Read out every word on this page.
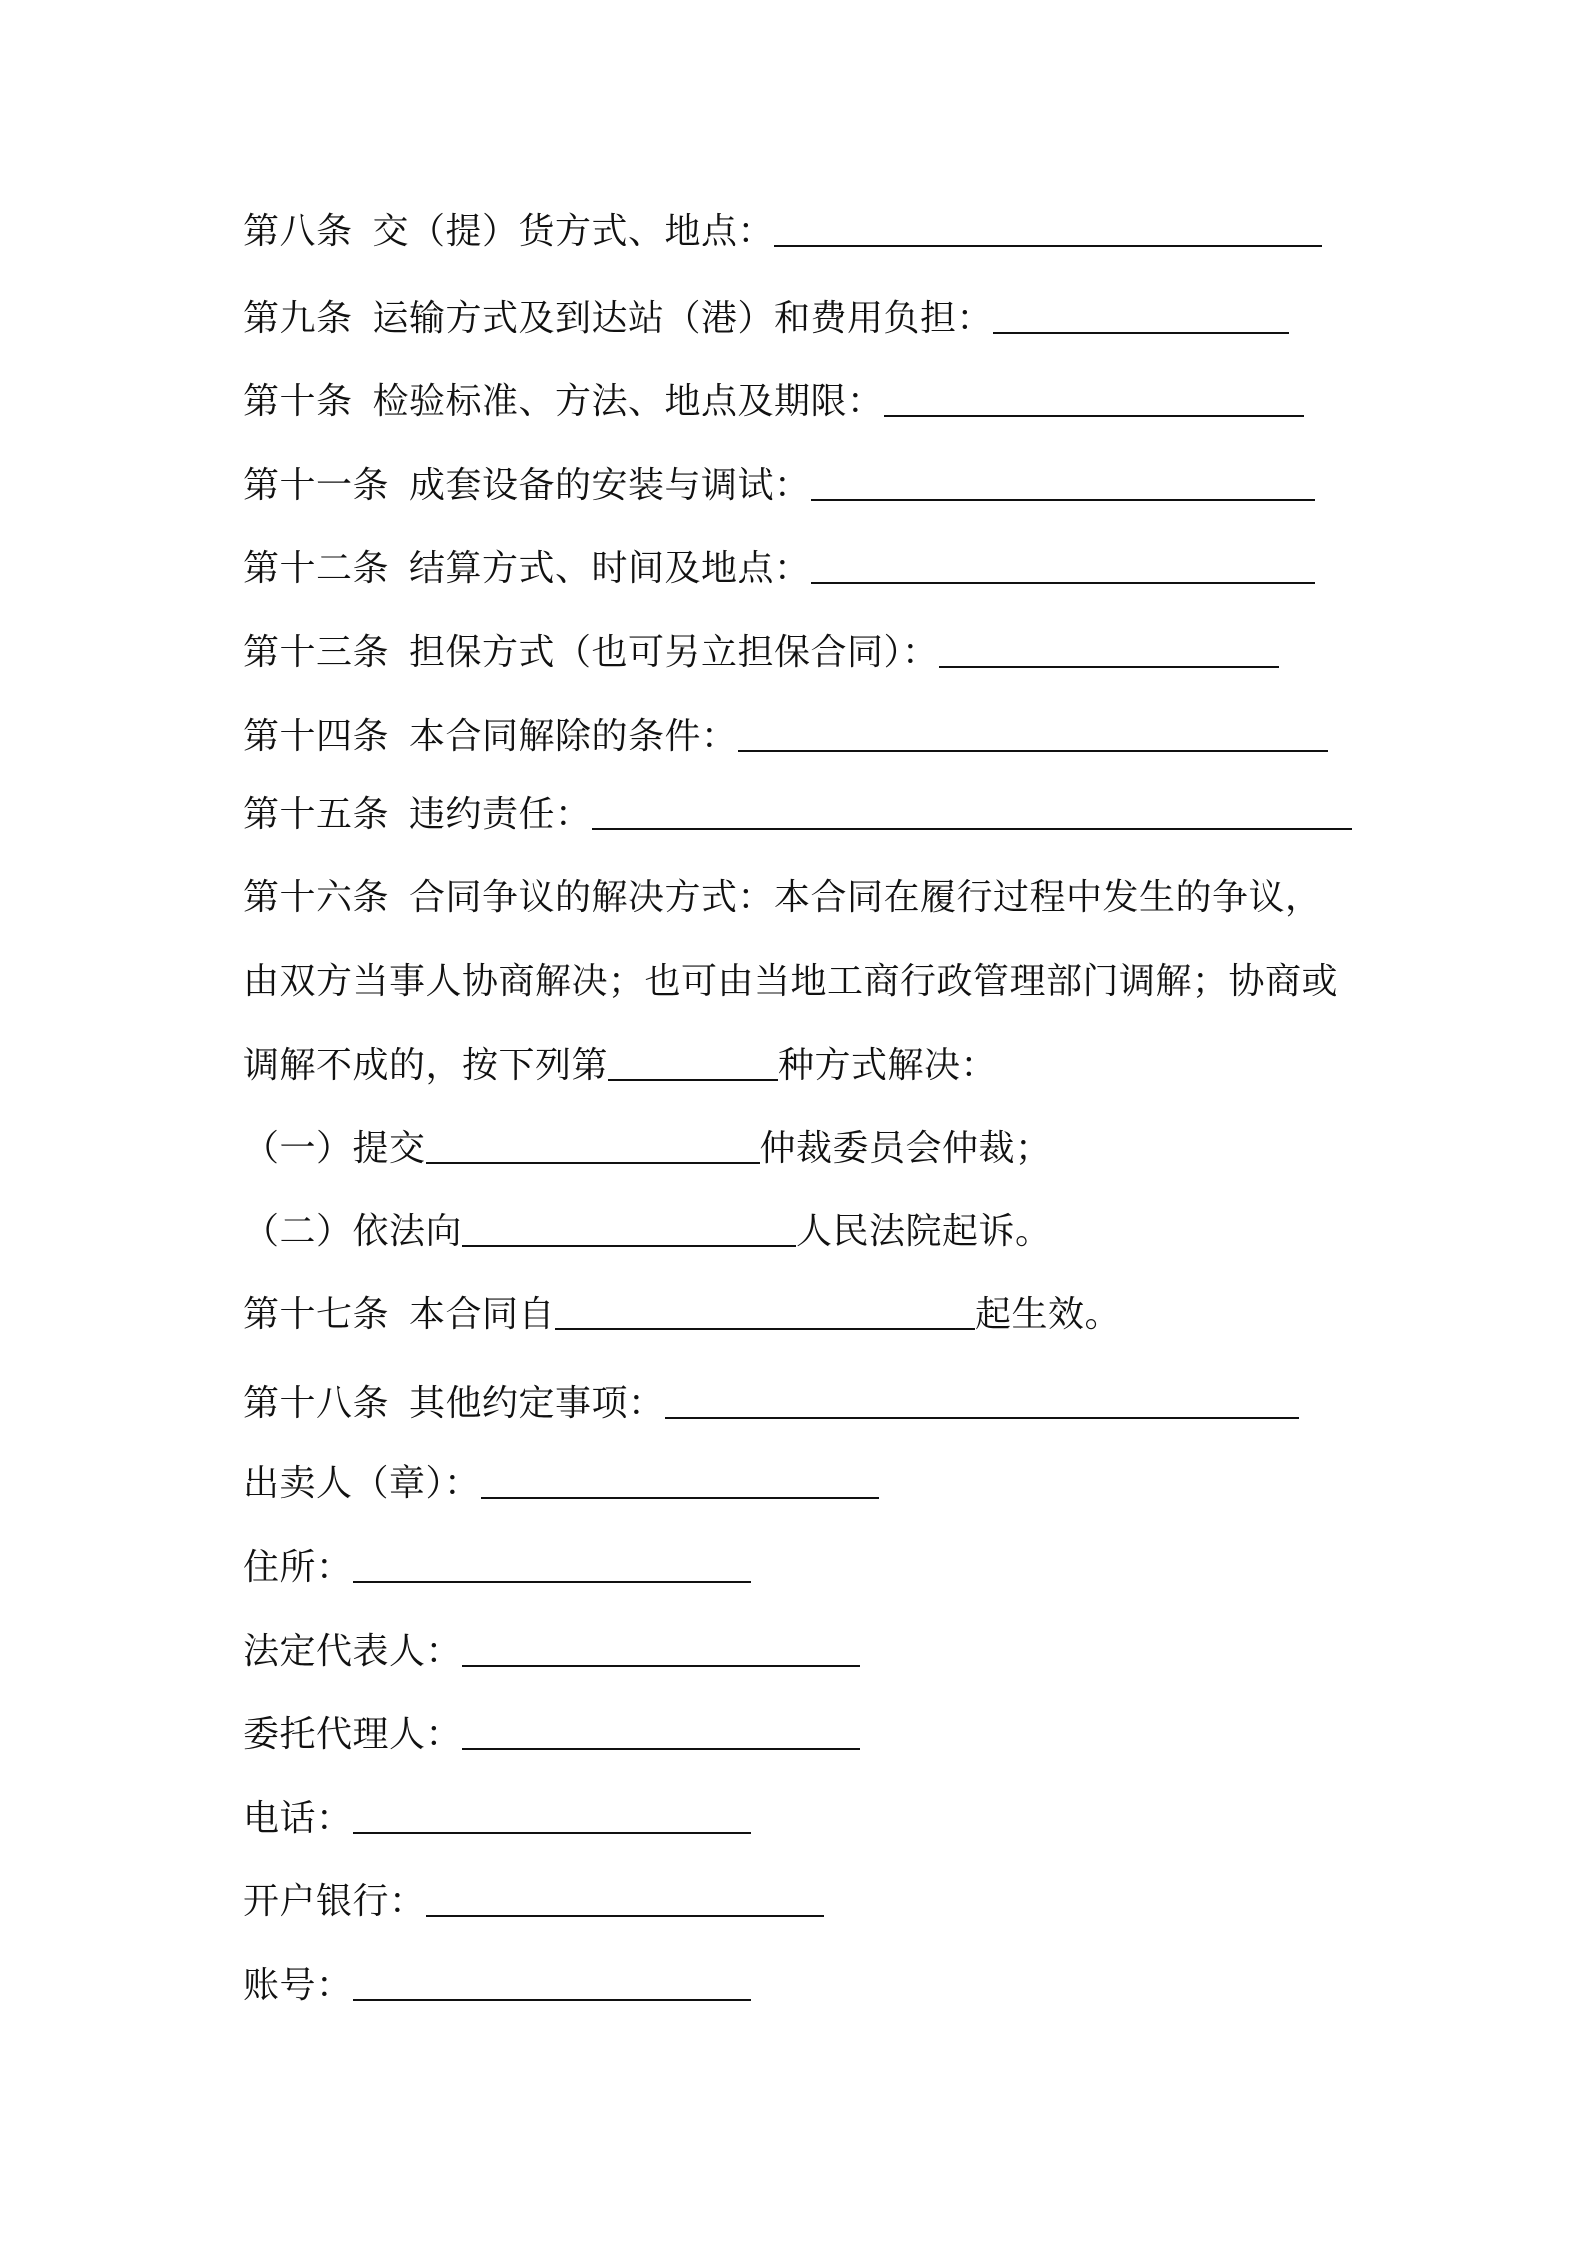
第八条 交（提）货方式、地点：
第九条 运输方式及到达站（港）和费用负担：
第十条 检验标准、方法、地点及期限：
第十一条 成套设备的安装与调试：
第十二条 结算方式、时间及地点：
第十三条 担保方式（也可另立担保合同）：
第十四条 本合同解除的条件：
第十五条 违约责任：
第十六条 合同争议的解决方式：本合同在履行过程中发生的争议，
由双方当事人协商解决；也可由当地工商行政管理部门调解；协商或
调解不成的，按下列第	种方式解决：
（一）提交	仲裁委员会仲裁；
（二）依法向	人民法院起诉。
第十七条 本合同自	起生效。
第十八条 其他约定事项：
出卖人（章）：
住所：
法定代表人：
委托代理人：
电话：
开户银行：
账号：
